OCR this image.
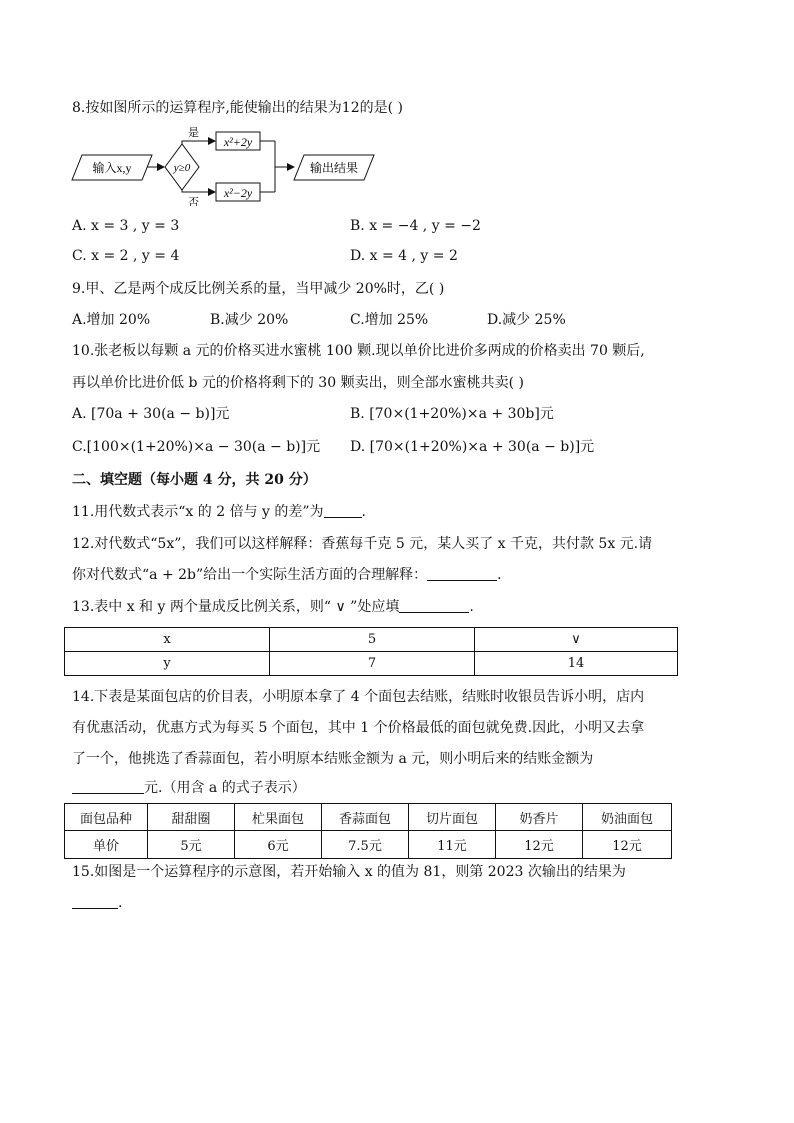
8.按如图所示的运算程序,能使输出的结果为12的是( )
输入x,y	y≥0
是
否
x²+2y
x²−2y
输出结果
A. x = 3 , y = 3	B. x = −4 , y = −2
C. x = 2 , y = 4	D. x = 4 , y = 2
9.甲、乙是两个成反比例关系的量，当甲减少 20%时，乙( )
A.增加 20%	B.减少 20%	C.增加 25%	D.减少 25%
10.张老板以每颗 a 元的价格买进水蜜桃 100 颗.现以单价比进价多两成的价格卖出 70 颗后,
再以单价比进价低 b 元的价格将剩下的 30 颗卖出，则全部水蜜桃共卖( )
A. [70a + 30(a − b)]元	B. [70×(1+20%)×a + 30b]元
C.[100×(1+20%)×a − 30(a − b)]元 D. [70×(1+20%)×a + 30(a − b)]元
二、填空题（每小题 4 分，共 20 分）
11.用代数式表示“x 的 2 倍与 y 的差”为	.
12.对代数式“5x”，我们可以这样解释：香蕉每千克 5 元，某人买了 x 千克，共付款 5x 元.请
你对代数式“a + 2b”给出一个实际生活方面的合理解释：	.
13.表中 x 和 y 两个量成反比例关系，则“ ∨ ”处应填	.
x	5	∨
y	7	14
14.下表是某面包店的价目表，小明原本拿了 4 个面包去结账，结账时收银员告诉小明，店内
有优惠活动，优惠方式为每买 5 个面包，其中 1 个价格最低的面包就免费.因此，小明又去拿
了一个，他挑选了香蒜面包，若小明原本结账金额为 a 元，则小明后来的结账金额为
元.（用含 a 的式子表示）
面包品种	甜甜圈	杧果面包	香蒜面包	切片面包	奶香片	奶油面包
单价	5元	6元	7.5元	11元	12元	12元
15.如图是一个运算程序的示意图，若开始输入 x 的值为 81，则第 2023 次输出的结果为
.
